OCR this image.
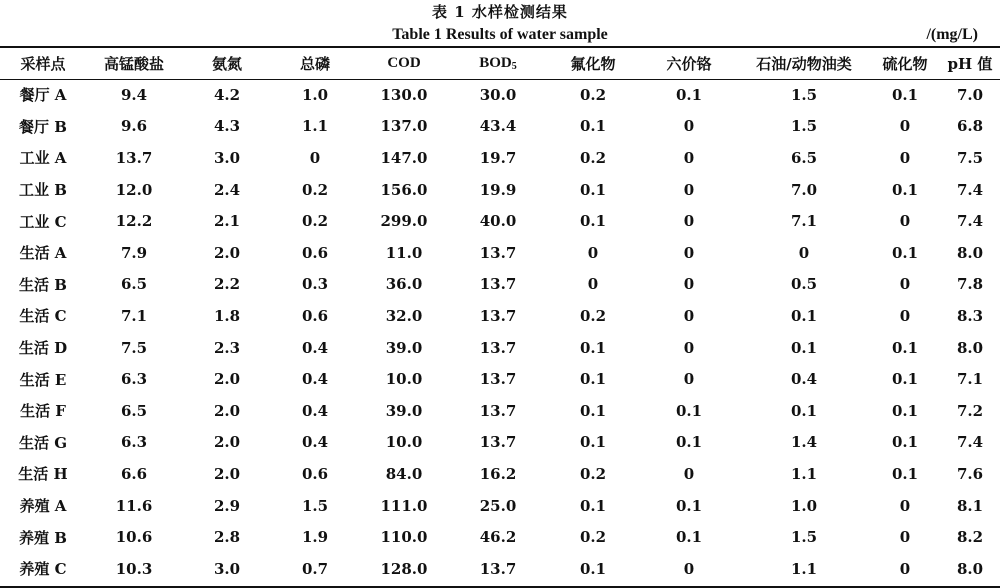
表 1 水样检测结果
Table 1 Results of water sample	/(mg/L)
采样点	高锰酸盐	氨氮	总磷	COD	$BOD_5$	氟化物	六价铬	石油/动物油类	硫化物	pH 值
餐厅 A	9.4	4.2	1.0	130.0	30.0	0.2	0.1	1.5	0.1	7.0
餐厅 B	9.6	4.3	1.1	137.0	43.4	0.1	0	1.5	0	6.8
工业 A	13.7	3.0	0	147.0	19.7	0.2	0	6.5	0	7.5
工业 B	12.0	2.4	0.2	156.0	19.9	0.1	0	7.0	0.1	7.4
工业 C	12.2	2.1	0.2	299.0	40.0	0.1	0	7.1	0	7.4
生活 A	7.9	2.0	0.6	11.0	13.7	0	0	0	0.1	8.0
生活 B	6.5	2.2	0.3	36.0	13.7	0	0	0.5	0	7.8
生活 C	7.1	1.8	0.6	32.0	13.7	0.2	0	0.1	0	8.3
生活 D	7.5	2.3	0.4	39.0	13.7	0.1	0	0.1	0.1	8.0
生活 E	6.3	2.0	0.4	10.0	13.7	0.1	0	0.4	0.1	7.1
生活 F	6.5	2.0	0.4	39.0	13.7	0.1	0.1	0.1	0.1	7.2
生活 G	6.3	2.0	0.4	10.0	13.7	0.1	0.1	1.4	0.1	7.4
生活 H	6.6	2.0	0.6	84.0	16.2	0.2	0	1.1	0.1	7.6
养殖 A	11.6	2.9	1.5	111.0	25.0	0.1	0.1	1.0	0	8.1
养殖 B	10.6	2.8	1.9	110.0	46.2	0.2	0.1	1.5	0	8.2
养殖 C	10.3	3.0	0.7	128.0	13.7	0.1	0	1.1	0	8.0
